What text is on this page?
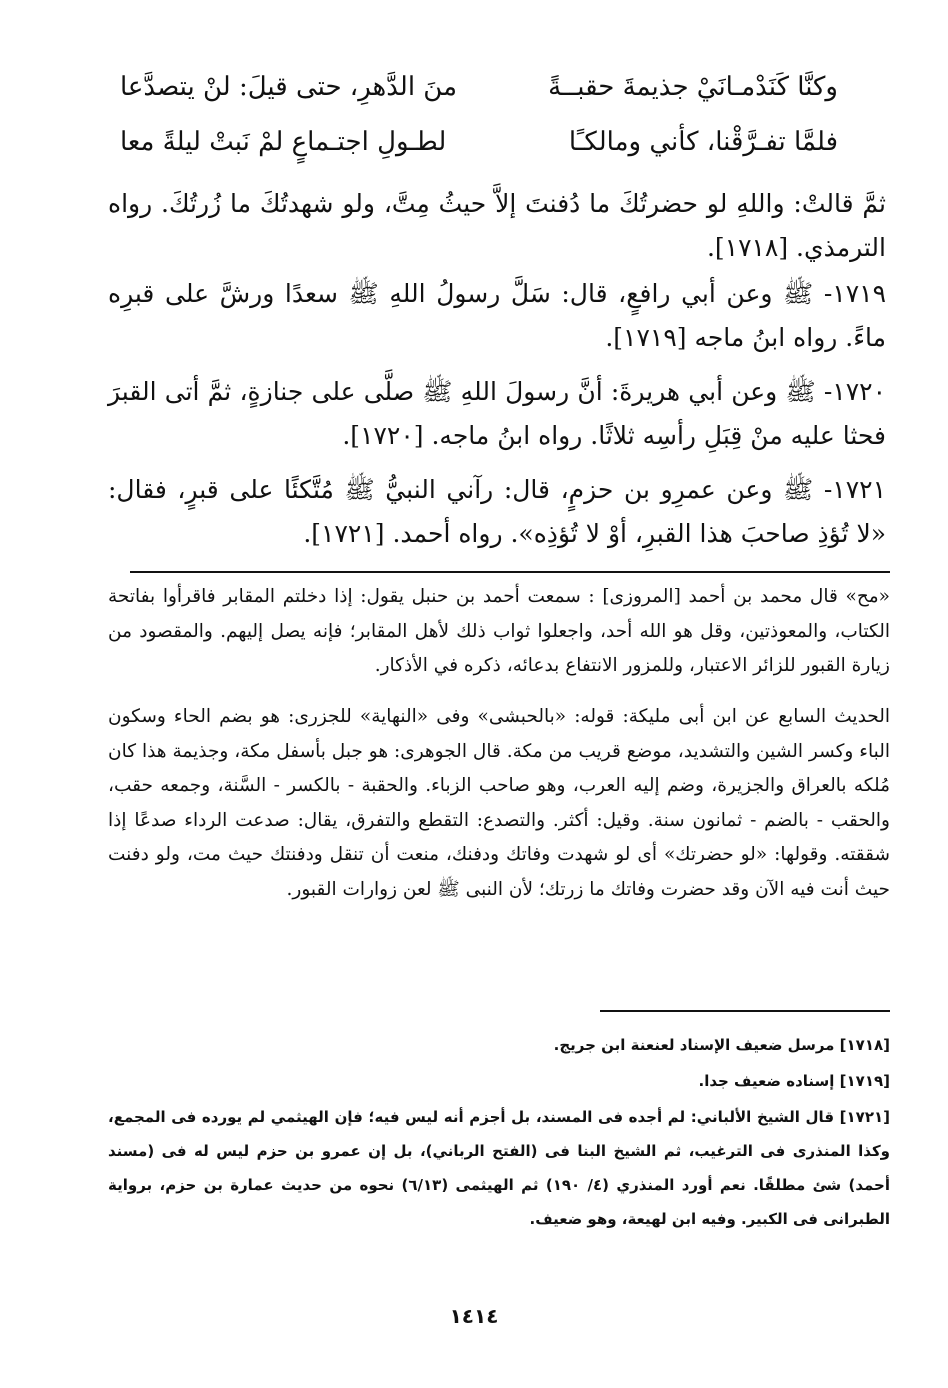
وكنَّا كَنَدْمـانَيْ جذيمةَ حقبــةً
منَ الدَّهرِ، حتى قيلَ: لنْ يتصدَّعا
فلمَّا تفـرَّقْنا، كأني ومالكـًا
لطـولِ اجتـماعٍ لمْ نَبتْ ليلةً معا

ثمَّ قالتْ: واللهِ لو حضرتُكَ ما دُفنتَ إلاَّ حيثُ مِتَّ، ولو شهدتُكَ ما زُرتُكَ. رواه الترمذي. [١٧١٨].

١٧١٩- ﷺ وعن أبي رافعٍ، قال: سَلَّ رسولُ اللهِ ﷺ سعدًا ورشَّ على قبرِه ماءً. رواه ابنُ ماجه [١٧١٩].

١٧٢٠- ﷺ وعن أبي هريرةَ: أنَّ رسولَ اللهِ ﷺ صلَّى على جنازةٍ، ثمَّ أتى القبرَ فحثا عليه منْ قِبَلِ رأسِه ثلاثًا. رواه ابنُ ماجه. [١٧٢٠].

١٧٢١- ﷺ وعن عمرِو بن حزمٍ، قال: رآني النبيُّ ﷺ مُتَّكئًا على قبرٍ، فقال: «لا تُؤذِ صاحبَ هذا القبرِ، أوْ لا تُؤذِه». رواه أحمد. [١٧٢١].

«مح» قال محمد بن أحمد [المروزى] : سمعت أحمد بن حنبل يقول: إذا دخلتم المقابر فاقرأوا بفاتحة الكتاب، والمعوذتين، وقل هو الله أحد، واجعلوا ثواب ذلك لأهل المقابر؛ فإنه يصل إليهم. والمقصود من زيارة القبور للزائر الاعتبار، وللمزور الانتفاع بدعائه، ذكره في الأذكار.

الحديث السابع عن ابن أبى مليكة: قوله: «بالحبشى» وفى «النهاية» للجزرى: هو بضم الحاء وسكون الباء وكسر الشين والتشديد، موضع قريب من مكة. قال الجوهرى: هو جبل بأسفل مكة، وجذيمة هذا كان مُلكه بالعراق والجزيرة، وضم إليه العرب، وهو صاحب الزباء. والحقبة - بالكسر - السَّنة، وجمعه حقب، والحقب - بالضم - ثمانون سنة. وقيل: أكثر. والتصدع: التقطع والتفرق، يقال: صدعت الرداء صدعًا إذا شققته. وقولها: «لو حضرتك» أى لو شهدت وفاتك ودفنك، منعت أن تنقل ودفنتك حيث مت، ولو دفنت حيث أنت فيه الآن وقد حضرت وفاتك ما زرتك؛ لأن النبى ﷺ لعن زوارات القبور.

[١٧١٨] مرسل ضعيف الإسناد لعنعنة ابن جريج.

[١٧١٩] إسناده ضعيف جدا.

[١٧٢١] قال الشيخ الألباني: لم أجده فى المسند، بل أجزم أنه ليس فيه؛ فإن الهيثمي لم يورده فى المجمع، وكذا المنذرى فى الترغيب، ثم الشيخ البنا فى (الفتح الرباني)، بل إن عمرو بن حزم ليس له فى (مسند أحمد) شئ مطلقًا. نعم أورد المنذري (٤/ ١٩٠) ثم الهيثمى (٦/١٣) نحوه من حديث عمارة بن حزم، برواية الطبرانى فى الكبير. وفيه ابن لهيعة، وهو ضعيف.

١٤١٤
